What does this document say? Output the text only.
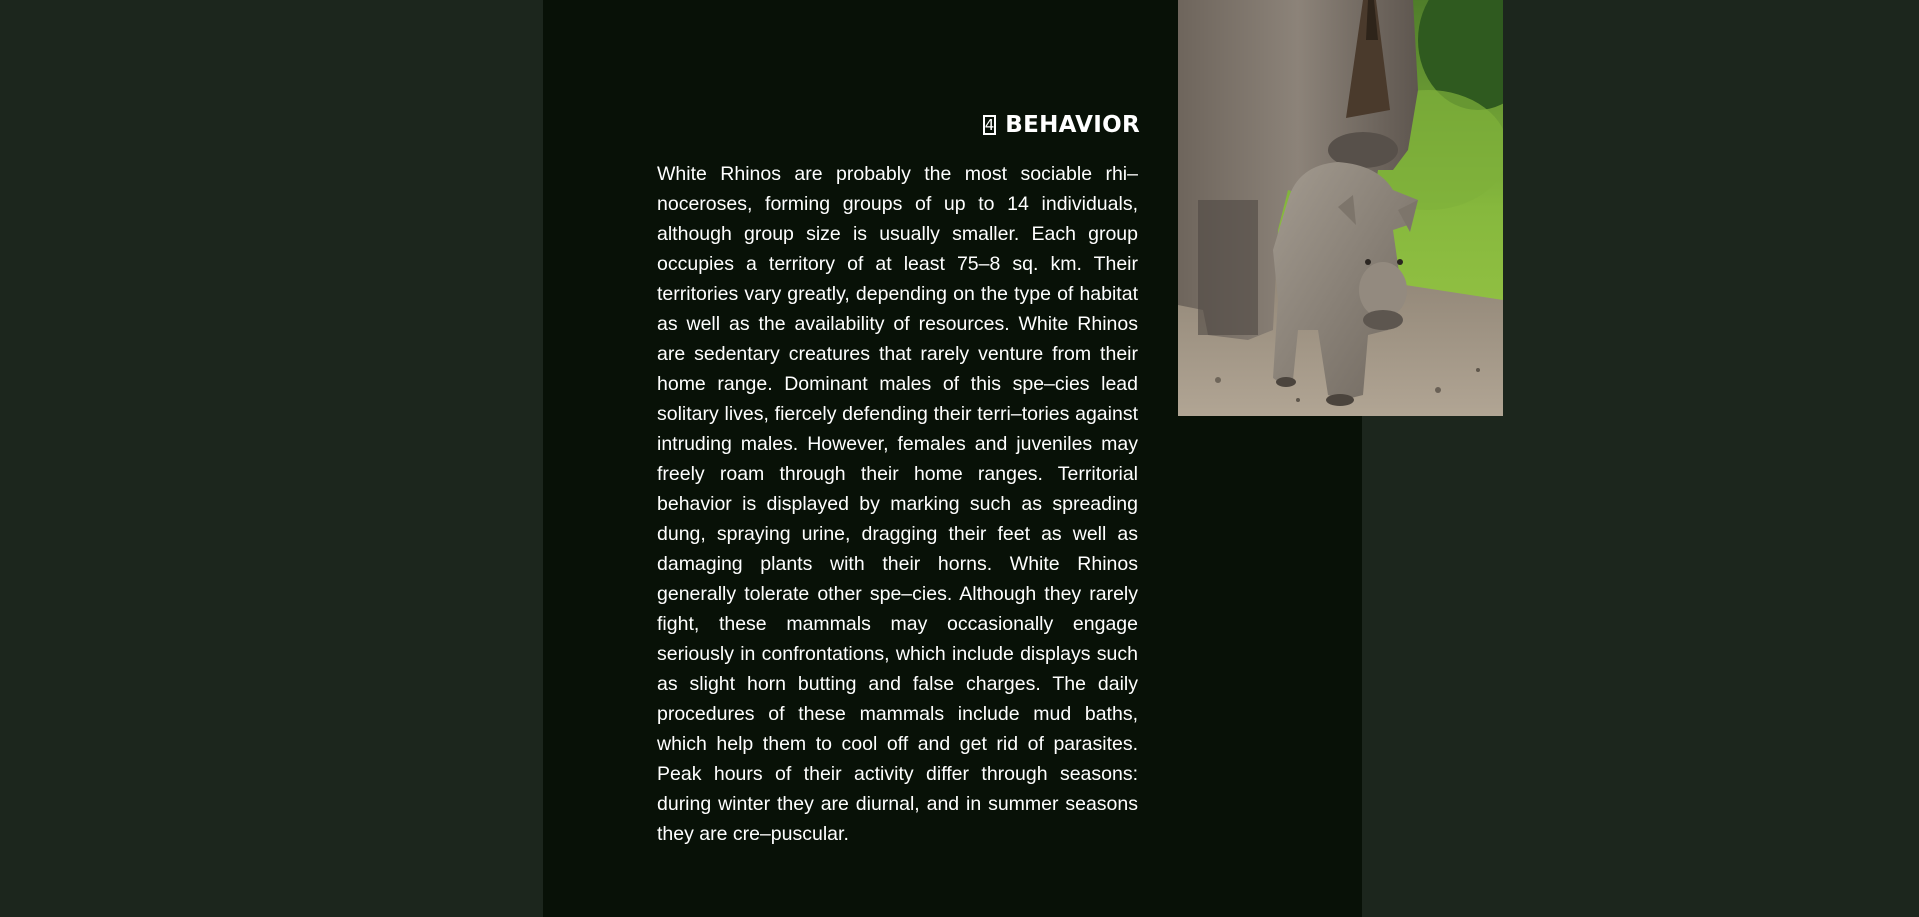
4 BEHAVIOR

White Rhinos are probably the most sociable rhi–noceroses, forming groups of up to 14 individuals, although group size is usually smaller. Each group occupies a territory of at least 75–8 sq. km. Their territories vary greatly, depending on the type of habitat as well as the availability of resources. White Rhinos are sedentary creatures that rarely venture from their home range. Dominant males of this spe–cies lead solitary lives, fiercely defending their terri–tories against intruding males. However, females and juveniles may freely roam through their home ranges. Territorial behavior is displayed by marking such as spreading dung, spraying urine, dragging their feet as well as damaging plants with their horns. White Rhinos generally tolerate other spe–cies. Although they rarely fight, these mammals may occasionally engage seriously in confrontations, which include displays such as slight horn butting and false charges. The daily procedures of these mammals include mud baths, which help them to cool off and get rid of parasites. Peak hours of their activity differ through seasons: during winter they are diurnal, and in summer seasons they are cre–puscular.
